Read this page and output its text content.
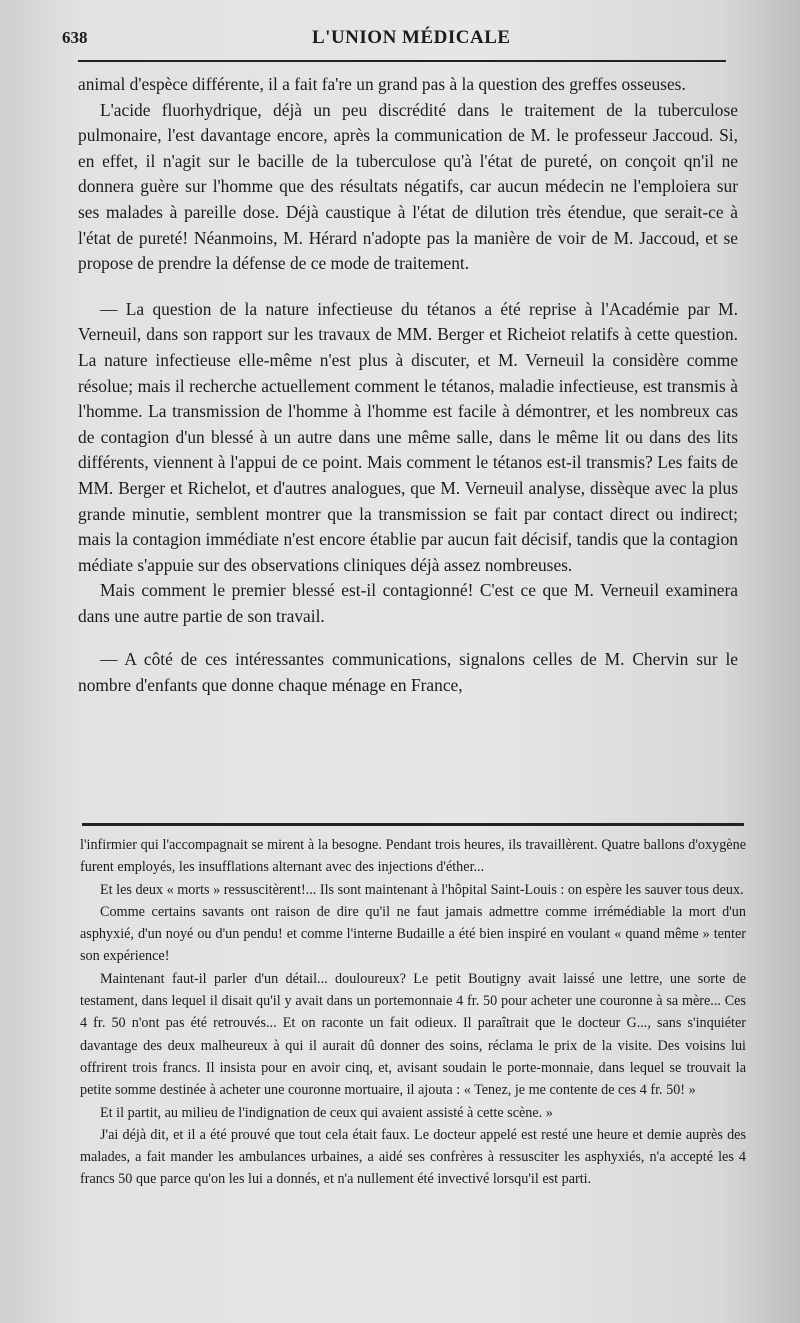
638	L'UNION MÉDICALE

animal d'espèce différente, il a fait fa're un grand pas à la question des greffes osseuses.

L'acide fluorhydrique, déjà un peu discrédité dans le traitement de la tuberculose pulmonaire, l'est davantage encore, après la communication de M. le professeur Jaccoud. Si, en effet, il n'agit sur le bacille de la tuberculose qu'à l'état de pureté, on conçoit qn'il ne donnera guère sur l'homme que des résultats négatifs, car aucun médecin ne l'emploiera sur ses malades à pareille dose. Déjà caustique à l'état de dilution très étendue, que serait-ce à l'état de pureté! Néanmoins, M. Hérard n'adopte pas la manière de voir de M. Jaccoud, et se propose de prendre la défense de ce mode de traitement.

— La question de la nature infectieuse du tétanos a été reprise à l'Académie par M. Verneuil, dans son rapport sur les travaux de MM. Berger et Richeiot relatifs à cette question. La nature infectieuse elle-même n'est plus à discuter, et M. Verneuil la considère comme résolue; mais il recherche actuellement comment le tétanos, maladie infectieuse, est transmis à l'homme. La transmission de l'homme à l'homme est facile à démontrer, et les nombreux cas de contagion d'un blessé à un autre dans une même salle, dans le même lit ou dans des lits différents, viennent à l'appui de ce point. Mais comment le tétanos est-il transmis? Les faits de MM. Berger et Richelot, et d'autres analogues, que M. Verneuil analyse, dissèque avec la plus grande minutie, semblent montrer que la transmission se fait par contact direct ou indirect; mais la contagion immédiate n'est encore établie par aucun fait décisif, tandis que la contagion médiate s'appuie sur des observations cliniques déjà assez nombreuses.

Mais comment le premier blessé est-il contagionné! C'est ce que M. Verneuil examinera dans une autre partie de son travail.

— A côté de ces intéressantes communications, signalons celles de M. Chervin sur le nombre d'enfants que donne chaque ménage en France,

l'infirmier qui l'accompagnait se mirent à la besogne. Pendant trois heures, ils travaillèrent. Quatre ballons d'oxygène furent employés, les insufflations alternant avec des injections d'éther...

Et les deux « morts » ressuscitèrent!... Ils sont maintenant à l'hôpital Saint-Louis : on espère les sauver tous deux.

Comme certains savants ont raison de dire qu'il ne faut jamais admettre comme irrémédiable la mort d'un asphyxié, d'un noyé ou d'un pendu! et comme l'interne Budaille a été bien inspiré en voulant « quand même » tenter son expérience!

Maintenant faut-il parler d'un détail... douloureux? Le petit Boutigny avait laissé une lettre, une sorte de testament, dans lequel il disait qu'il y avait dans un portemonnaie 4 fr. 50 pour acheter une couronne à sa mère... Ces 4 fr. 50 n'ont pas été retrouvés... Et on raconte un fait odieux. Il paraîtrait que le docteur G..., sans s'inquiéter davantage des deux malheureux à qui il aurait dû donner des soins, réclama le prix de la visite. Des voisins lui offrirent trois francs. Il insista pour en avoir cinq, et, avisant soudain le porte-monnaie, dans lequel se trouvait la petite somme destinée à acheter une couronne mortuaire, il ajouta : « Tenez, je me contente de ces 4 fr. 50! »

Et il partit, au milieu de l'indignation de ceux qui avaient assisté à cette scène. »

J'ai déjà dit, et il a été prouvé que tout cela était faux. Le docteur appelé est resté une heure et demie auprès des malades, a fait mander les ambulances urbaines, a aidé ses confrères à ressusciter les asphyxiés, n'a accepté les 4 francs 50 que parce qu'on les lui a donnés, et n'a nullement été invectivé lorsqu'il est parti.
